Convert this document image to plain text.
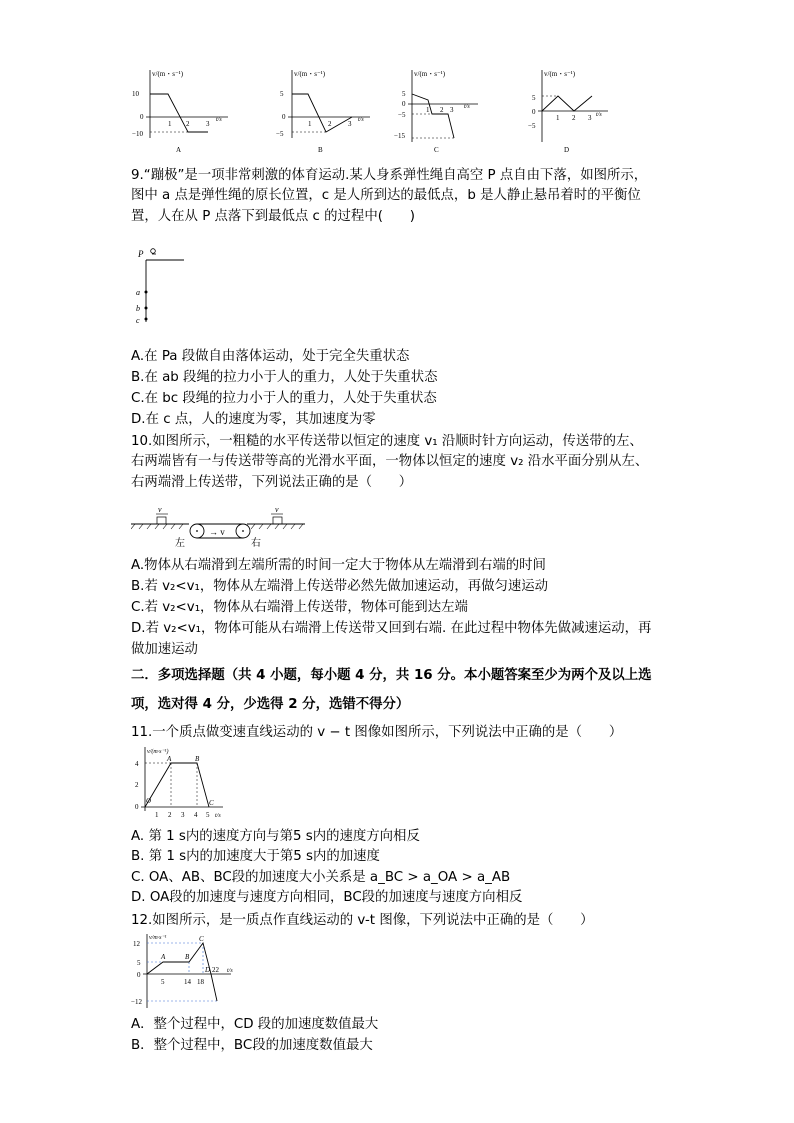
v/(m・s⁻¹)
10
0
−10
1 2 3 t/s
A
v/(m・s⁻¹)
5
0
−5
1 2 3 t/s
B
v/(m・s⁻¹)
5
0
−5
−15
1 2 3 t/s
C
v/(m・s⁻¹)
5
0
−5
1 2 3 t/s
D
9.“蹦极”是一项非常刺激的体育运动.某人身系弹性绳自高空 P 点自由下落，如图所示，
图中 a 点是弹性绳的原长位置，c 是人所到达的最低点，b 是人静止悬吊着时的平衡位
置，人在从 P 点落下到最低点 c 的过程中(　　)
P
a
b
c
A.在 Pa 段做自由落体运动，处于完全失重状态
B.在 ab 段绳的拉力小于人的重力，人处于失重状态
C.在 bc 段绳的拉力小于人的重力，人处于失重状态
D.在 c 点，人的速度为零，其加速度为零
10.如图所示，一粗糙的水平传送带以恒定的速度 v₁ 沿顺时针方向运动，传送带的左、
右两端皆有一与传送带等高的光滑水平面，一物体以恒定的速度 v₂ 沿水平面分别从左、
右两端滑上传送带，下列说法正确的是（　　）
→ v
v	v
左	右
A.物体从右端滑到左端所需的时间一定大于物体从左端滑到右端的时间
B.若 v₂<v₁，物体从左端滑上传送带必然先做加速运动，再做匀速运动
C.若 v₂<v₁，物体从右端滑上传送带，物体可能到达左端
D.若 v₂<v₁，物体可能从右端滑上传送带又回到右端. 在此过程中物体先做减速运动，再
做加速运动
二．多项选择题（共 4 小题，每小题 4 分，共 16 分。本小题答案至少为两个及以上选
项，选对得 4 分，少选得 2 分，选错不得分）
11.一个质点做变速直线运动的 v − t 图像如图所示，下列说法中正确的是（　　）
v/(m·s⁻¹)
4
2
0
O
A	B
C
1 2 3 4 5 t/s
A. 第 1 s内的速度方向与第5 s内的速度方向相反
B. 第 1 s内的加速度大于第5 s内的加速度
C. OA、AB、BC段的加速度大小关系是 a_BC > a_OA > a_AB
D. OA段的加速度与速度方向相同，BC段的加速度与速度方向相反
12.如图所示，是一质点作直线运动的 v-t 图像，下列说法中正确的是（　　）
v/m·s⁻¹
12
5
0
−12
A	B
C
D
5	14 18
22 t/s
A．整个过程中，CD 段的加速度数值最大
B．整个过程中，BC段的加速度数值最大
